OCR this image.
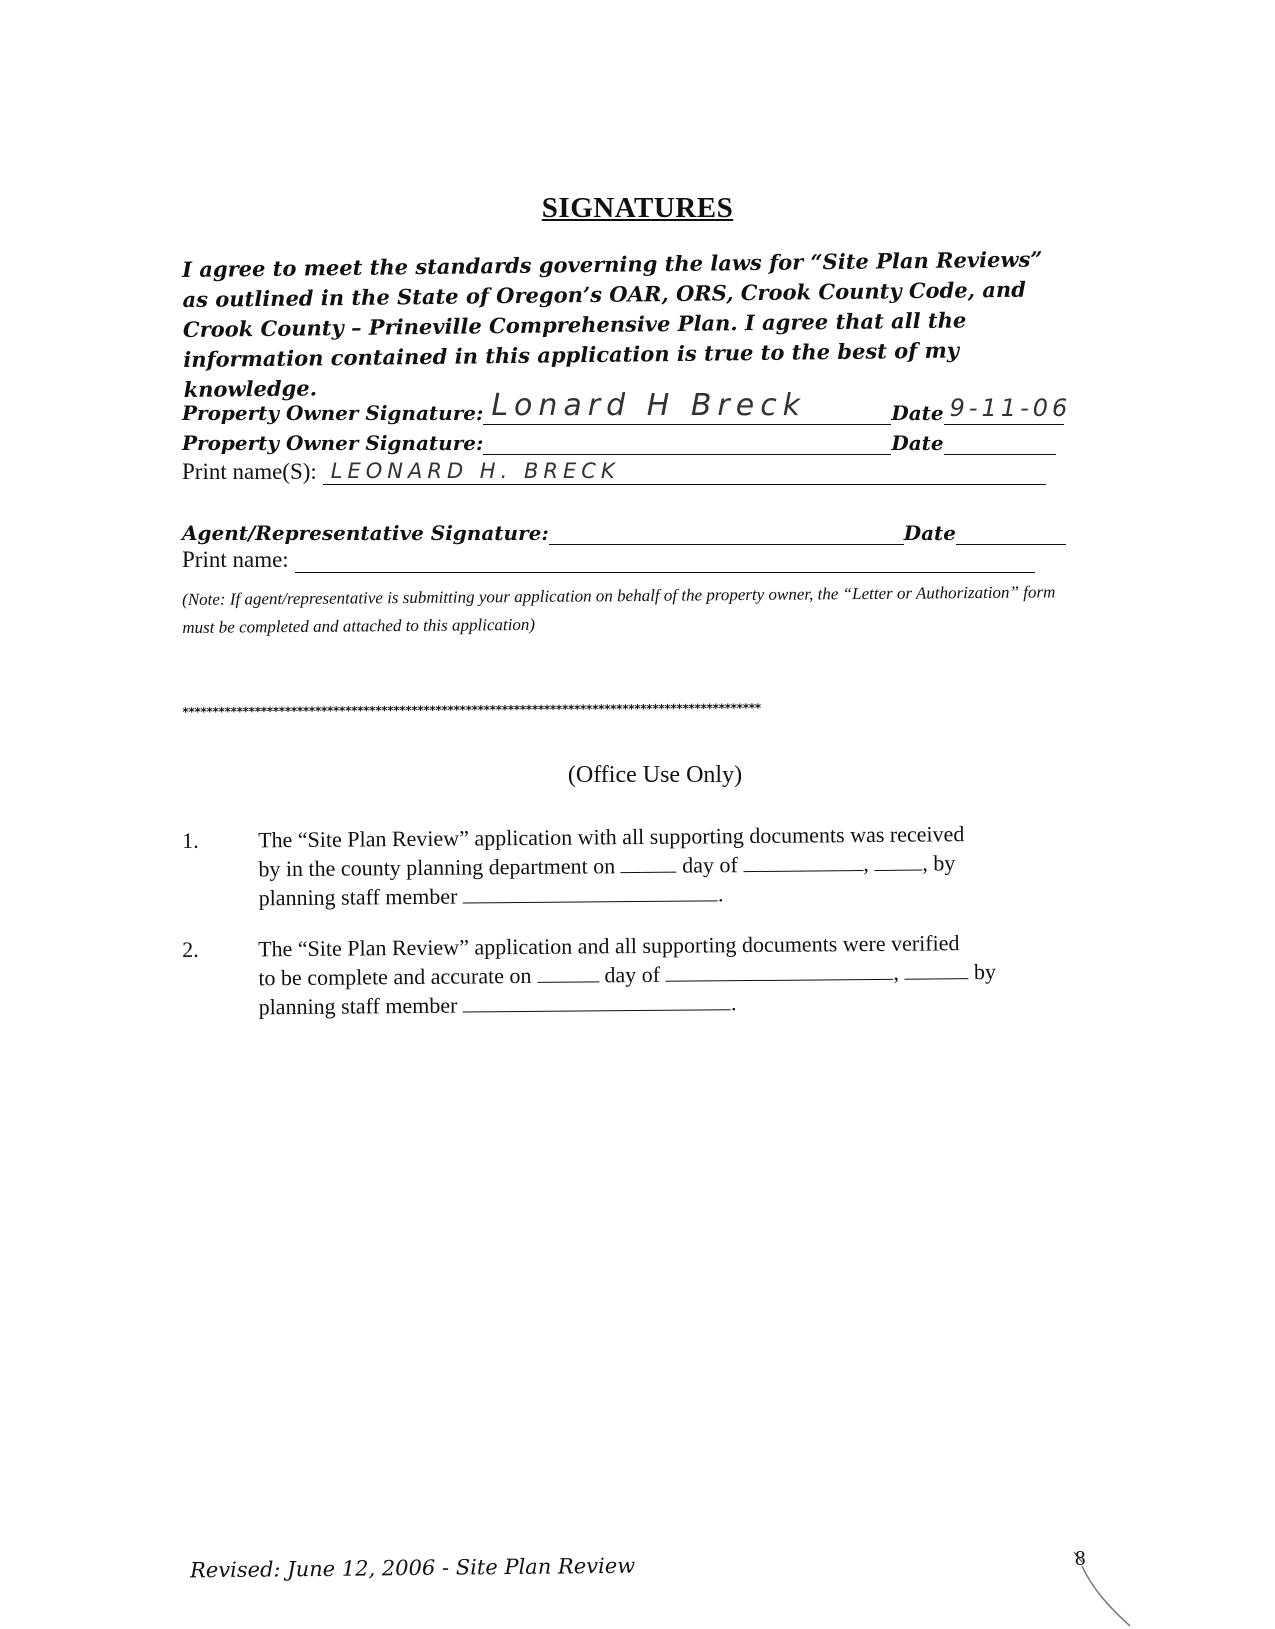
SIGNATURES
I agree to meet the standards governing the laws for “Site Plan Reviews” as outlined in the State of Oregon’s OAR, ORS, Crook County Code, and Crook County – Prineville Comprehensive Plan. I agree that all the information contained in this application is true to the best of my knowledge.
Property Owner Signature: Lonard H Breck	Date 9-11-06
Property Owner Signature:	Date
Print name(S): LEONARD H. BRECK
Agent/Representative Signature:	Date
Print name:
(Note: If agent/representative is submitting your application on behalf of the property owner, the “Letter or Authorization” form must be completed and attached to this application)
************************************************************************************************
(Office Use Only)
1.	The “Site Plan Review” application with all supporting documents was received
by in the county planning department on	day of	, , by
planning staff member	.
2.	The “Site Plan Review” application and all supporting documents were verified
to be complete and accurate on	day of	,	by
planning staff member	.
Revised: June 12, 2006 - Site Plan Review	8
